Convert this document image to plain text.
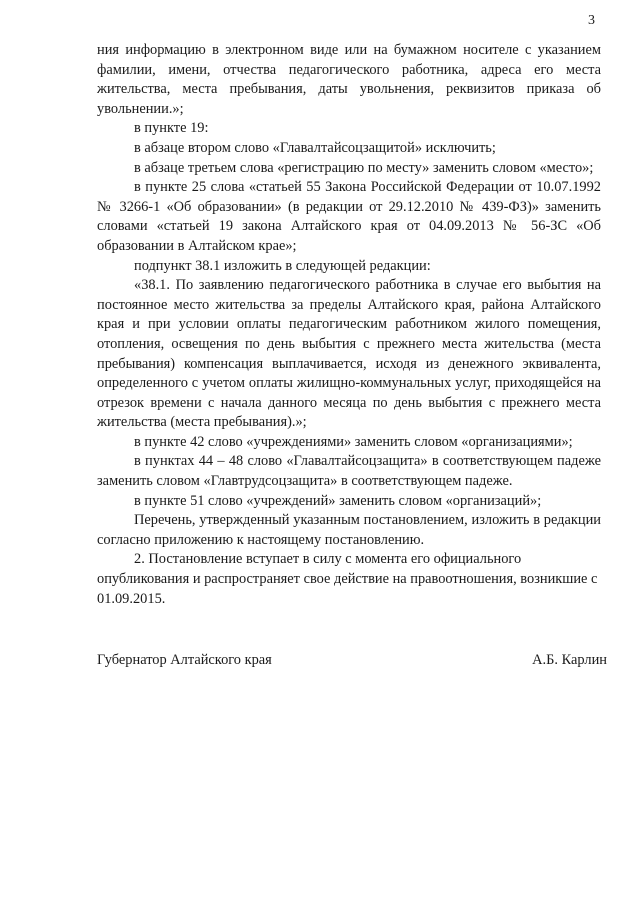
3

ния информацию в электронном виде или на бумажном носителе с указанием фамилии, имени, отчества педагогического работника, адреса его места жительства, места пребывания, даты увольнения, реквизитов приказа об увольнении.»;

в пункте 19:

в абзаце втором слово «Главалтайсоцзащитой» исключить;

в абзаце третьем слова «регистрацию по месту» заменить словом «место»;

в пункте 25 слова «статьей 55 Закона Российской Федерации от 10.07.1992 № 3266-1 «Об образовании» (в редакции от 29.12.2010 № 439-ФЗ)» заменить словами «статьей 19 закона Алтайского края от 04.09.2013 № 56-ЗС «Об образовании в Алтайском крае»;

подпункт 38.1 изложить в следующей редакции:

«38.1. По заявлению педагогического работника в случае его выбытия на постоянное место жительства за пределы Алтайского края, района Алтайского края и при условии оплаты педагогическим работником жилого помещения, отопления, освещения по день выбытия с прежнего места жительства (места пребывания) компенсация выплачивается, исходя из денежного эквивалента, определенного с учетом оплаты жилищно-коммунальных услуг, приходящейся на отрезок времени с начала данного месяца по день выбытия с прежнего места жительства (места пребывания).»;

в пункте 42 слово «учреждениями» заменить словом «организациями»;

в пунктах 44 – 48 слово «Главалтайсоцзащита» в соответствующем падеже заменить словом «Главтрудсоцзащита» в соответствующем падеже.

в пункте 51 слово «учреждений» заменить словом «организаций»;

Перечень, утвержденный указанным постановлением, изложить в редакции согласно приложению к настоящему постановлению.

2. Постановление вступает в силу с момента его официального опубликования и распространяет свое действие на правоотношения, возникшие с 01.09.2015.

Губернатор Алтайского края	А.Б. Карлин
